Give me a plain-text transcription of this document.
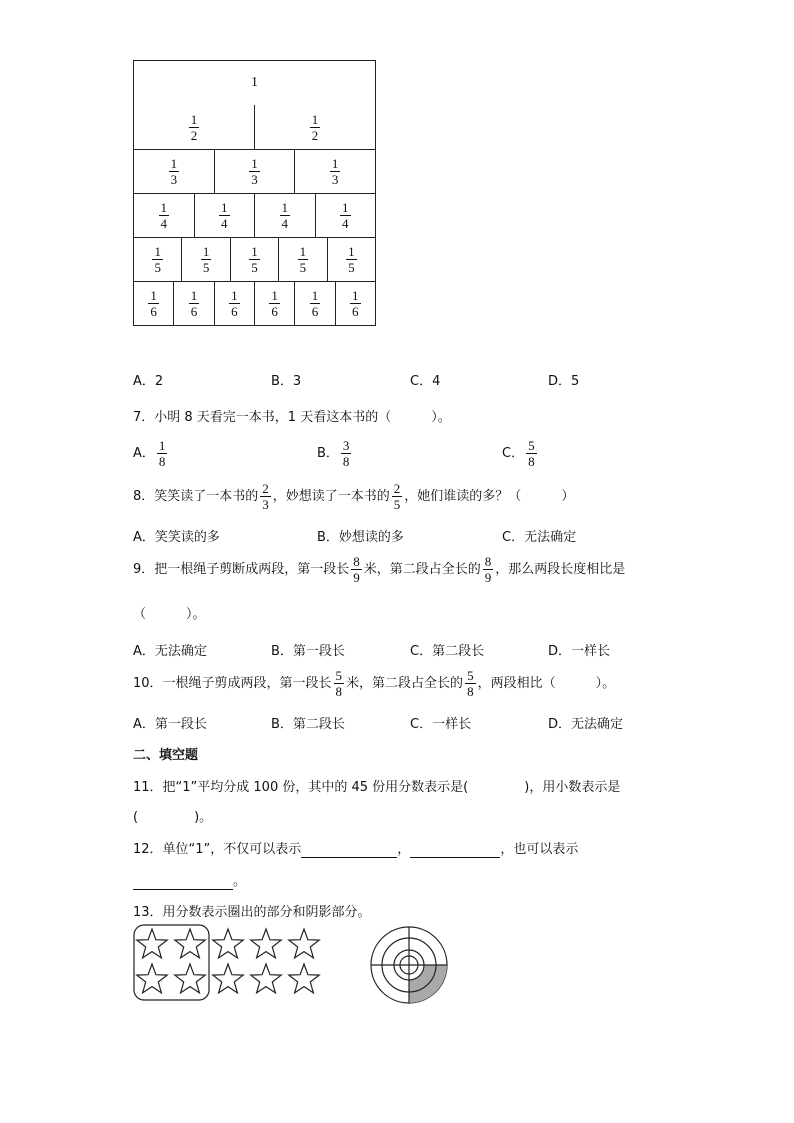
1
$\frac{1}{2}$	$\frac{1}{2}$
$\frac{1}{3}$	$\frac{1}{3}$	$\frac{1}{3}$
$\frac{1}{4}$	$\frac{1}{4}$	$\frac{1}{4}$	$\frac{1}{4}$
$\frac{1}{5}$	$\frac{1}{5}$	$\frac{1}{5}$	$\frac{1}{5}$	$\frac{1}{5}$
$\frac{1}{6} \frac{1}{6} \frac{1}{6} \frac{1}{6} \frac{1}{6} \frac{1}{6}$
A．2	B．3	C．4	D．5
7．小明 8 天看完一本书，1 天看这本书的（	）。
A． $\frac{1}{8}$	B． $\frac{3}{8}$	C． $\frac{5}{8}$
8．笑笑读了一本书的 $\frac{2}{3}$ ，妙想读了一本书的 $\frac{2}{5}$ ，她们谁读的多？（	）
A．笑笑读的多	B．妙想读的多	C．无法确定
9．把一根绳子剪断成两段，第一段长 $\frac{8}{9}$ 米，第二段占全长的 $\frac{8}{9}$ ，那么两段长度相比是
（	）。
A．无法确定	B．第一段长	C．第二段长	D．一样长
10．一根绳子剪成两段，第一段长 $\frac{5}{8}$ 米，第二段占全长的 $\frac{5}{8}$ ，两段相比（	）。
A．第一段长	B．第二段长	C．一样长	D．无法确定
二、填空题
11．把“1”平均分成 100 份，其中的 45 份用分数表示是(	)，用小数表示是
(	)。
12．单位“1”，不仅可以表示	，	，也可以表示
。
13．用分数表示圈出的部分和阴影部分。
